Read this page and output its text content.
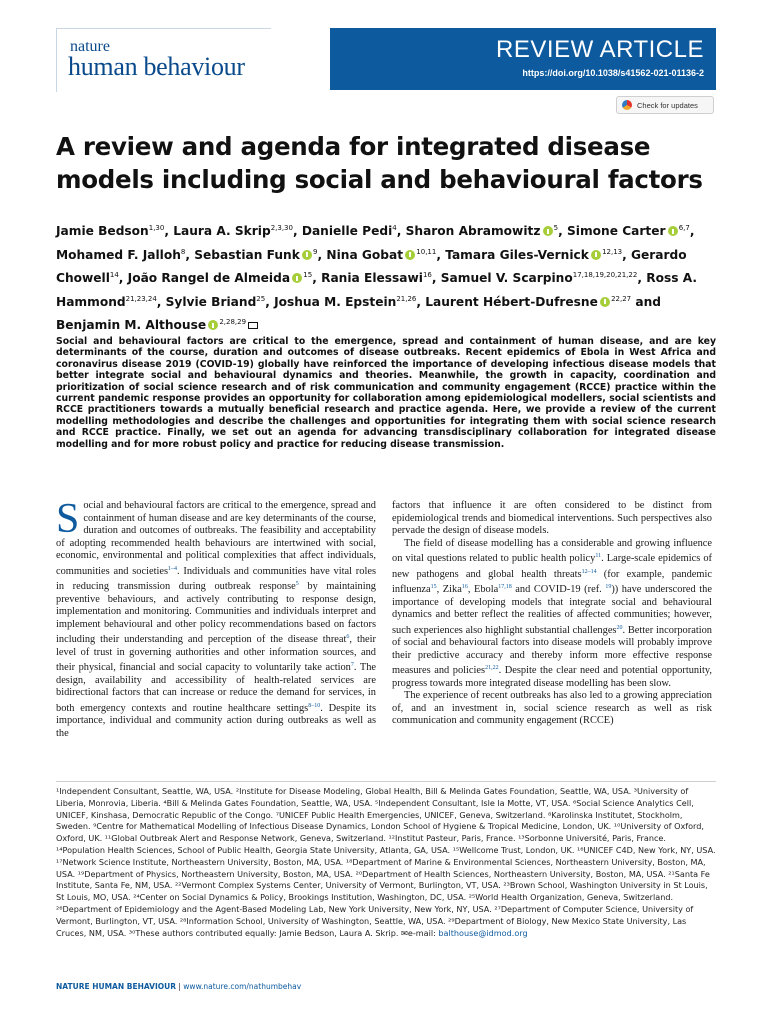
nature
human behaviour
REVIEW ARTICLE
https://doi.org/10.1038/s41562-021-01136-2
Check for updates
A review and agenda for integrated disease models including social and behavioural factors
Jamie Bedson$^{1,30}$, Laura A. Skrip$^{2,3,30}$, Danielle Pedi$^4$, Sharon Abramowitz  $^5$, Simone Carter  $^{6,7}$, Mohamed F. Jalloh$^8$, Sebastian Funk  $^9$, Nina Gobat  $^{10,11}$, Tamara Giles-Vernick  $^{12,13}$, Gerardo Chowell$^{14}$, João Rangel de Almeida  $^{15}$, Rania Elessawi$^{16}$, Samuel V. Scarpino$^{17,18,19,20,21,22}$, Ross A. Hammond$^{21,23,24}$, Sylvie Briand$^{25}$, Joshua M. Epstein$^{21,26}$, Laurent Hébert-Dufresne  $^{22,27}$ and Benjamin M. Althouse  $^{2,28,29}$

Social and behavioural factors are critical to the emergence, spread and containment of human disease, and are key determinants of the course, duration and outcomes of disease outbreaks. Recent epidemics of Ebola in West Africa and coronavirus disease 2019 (COVID-19) globally have reinforced the importance of developing infectious disease models that better integrate social and behavioural dynamics and theories. Meanwhile, the growth in capacity, coordination and prioritization of social science research and of risk communication and community engagement (RCCE) practice within the current pandemic response provides an opportunity for collaboration among epidemiological modellers, social scientists and RCCE practitioners towards a mutually beneficial research and practice agenda. Here, we provide a review of the current modelling methodologies and describe the challenges and opportunities for integrating them with social science research and RCCE practice. Finally, we set out an agenda for advancing transdisciplinary collaboration for integrated disease modelling and for more robust policy and practice for reducing disease transmission.

Social and behavioural factors are critical to the emergence, spread and containment of human disease and are key determinants of the course, duration and outcomes of outbreaks. The feasibility and acceptability of adopting recommended health behaviours are intertwined with social, economic, environmental and political complexities that affect individuals, communities and societies$^{1-4}$. Individuals and communities have vital roles in reducing transmission during outbreak response$^5$ by maintaining preventive behaviours, and actively contributing to response design, implementation and monitoring. Communities and individuals interpret and implement behavioural and other policy recommendations based on factors including their understanding and perception of the disease threat$^6$, their level of trust in governing authorities and other information sources, and their physical, financial and social capacity to voluntarily take action$^7$. The design, availability and accessibility of health-related services are bidirectional factors that can increase or reduce the demand for services, in both emergency contexts and routine healthcare settings$^{8-10}$. Despite its importance, individual and community action during outbreaks as well as the

factors that influence it are often considered to be distinct from epidemiological trends and biomedical interventions. Such perspectives also pervade the design of disease models.

The field of disease modelling has a considerable and growing influence on vital questions related to public health policy$^{11}$. Large-scale epidemics of new pathogens and global health threats$^{12-14}$ (for example, pandemic influenza$^{15}$, Zika$^{16}$, Ebola$^{17,18}$ and COVID-19 (ref. $^{19}$)) have underscored the importance of developing models that integrate social and behavioural dynamics and better reflect the realities of affected communities; however, such experiences also highlight substantial challenges$^{20}$. Better incorporation of social and behavioural factors into disease models will probably improve their predictive accuracy and thereby inform more effective response measures and policies$^{21,22}$. Despite the clear need and potential opportunity, progress towards more integrated disease modelling has been slow.

The experience of recent outbreaks has also led to a growing appreciation of, and an investment in, social science research as well as risk communication and community engagement (RCCE)

¹Independent Consultant, Seattle, WA, USA. ²Institute for Disease Modeling, Global Health, Bill & Melinda Gates Foundation, Seattle, WA, USA. ³University of Liberia, Monrovia, Liberia. ⁴Bill & Melinda Gates Foundation, Seattle, WA, USA. ⁵Independent Consultant, Isle la Motte, VT, USA. ⁶Social Science Analytics Cell, UNICEF, Kinshasa, Democratic Republic of the Congo. ⁷UNICEF Public Health Emergencies, UNICEF, Geneva, Switzerland. ⁸Karolinska Institutet, Stockholm, Sweden. ⁹Centre for Mathematical Modelling of Infectious Disease Dynamics, London School of Hygiene & Tropical Medicine, London, UK. ¹⁰University of Oxford, Oxford, UK. ¹¹Global Outbreak Alert and Response Network, Geneva, Switzerland. ¹²Institut Pasteur, Paris, France. ¹³Sorbonne Université, Paris, France. ¹⁴Population Health Sciences, School of Public Health, Georgia State University, Atlanta, GA, USA. ¹⁵Wellcome Trust, London, UK. ¹⁶UNICEF C4D, New York, NY, USA. ¹⁷Network Science Institute, Northeastern University, Boston, MA, USA. ¹⁸Department of Marine & Environmental Sciences, Northeastern University, Boston, MA, USA. ¹⁹Department of Physics, Northeastern University, Boston, MA, USA. ²⁰Department of Health Sciences, Northeastern University, Boston, MA, USA. ²¹Santa Fe Institute, Santa Fe, NM, USA. ²²Vermont Complex Systems Center, University of Vermont, Burlington, VT, USA. ²³Brown School, Washington University in St Louis, St Louis, MO, USA. ²⁴Center on Social Dynamics & Policy, Brookings Institution, Washington, DC, USA. ²⁵World Health Organization, Geneva, Switzerland. ²⁶Department of Epidemiology and the Agent-Based Modeling Lab, New York University, New York, NY, USA. ²⁷Department of Computer Science, University of Vermont, Burlington, VT, USA. ²⁸Information School, University of Washington, Seattle, WA, USA. ²⁹Department of Biology, New Mexico State University, Las Cruces, NM, USA. ³⁰These authors contributed equally: Jamie Bedson, Laura A. Skrip. ✉e-mail: balthouse@idmod.org

NATURE HUMAN BEHAVIOUR | www.nature.com/nathumbehav
